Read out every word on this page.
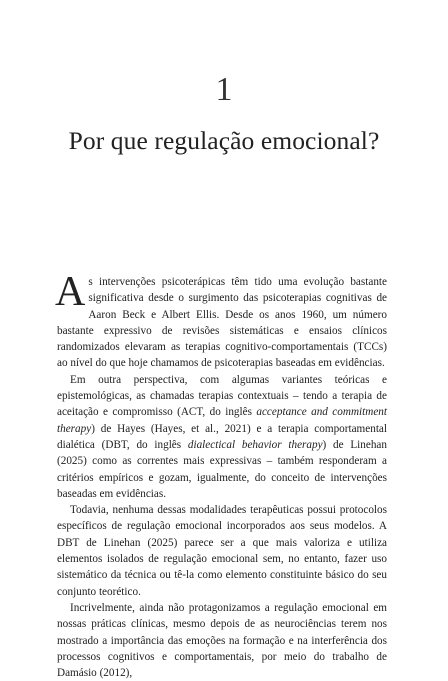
1
Por que regulação emocional?

As intervenções psicoterápicas têm tido uma evolução bastante significativa desde o surgimento das psicoterapias cognitivas de Aaron Beck e Albert Ellis. Desde os anos 1960, um número bastante expressivo de revisões sistemáticas e ensaios clínicos randomizados elevaram as terapias cognitivo-comportamentais (TCCs) ao nível do que hoje chamamos de psicoterapias baseadas em evidências.

Em outra perspectiva, com algumas variantes teóricas e epistemológicas, as chamadas terapias contextuais – tendo a terapia de aceitação e compromisso (ACT, do inglês acceptance and commitment therapy) de Hayes (Hayes, et al., 2021) e a terapia comportamental dialética (DBT, do inglês dialectical behavior therapy) de Linehan (2025) como as correntes mais expressivas – também responderam a critérios empíricos e gozam, igualmente, do conceito de intervenções baseadas em evidências.

Todavia, nenhuma dessas modalidades terapêuticas possui protocolos específicos de regulação emocional incorporados aos seus modelos. A DBT de Linehan (2025) parece ser a que mais valoriza e utiliza elementos isolados de regulação emocional sem, no entanto, fazer uso sistemático da técnica ou tê-la como elemento constituinte básico do seu conjunto teorético.

Incrivelmente, ainda não protagonizamos a regulação emocional em nossas práticas clínicas, mesmo depois de as neurociências terem nos mostrado a importância das emoções na formação e na interferência dos processos cognitivos e comportamentais, por meio do trabalho de Damásio (2012),
